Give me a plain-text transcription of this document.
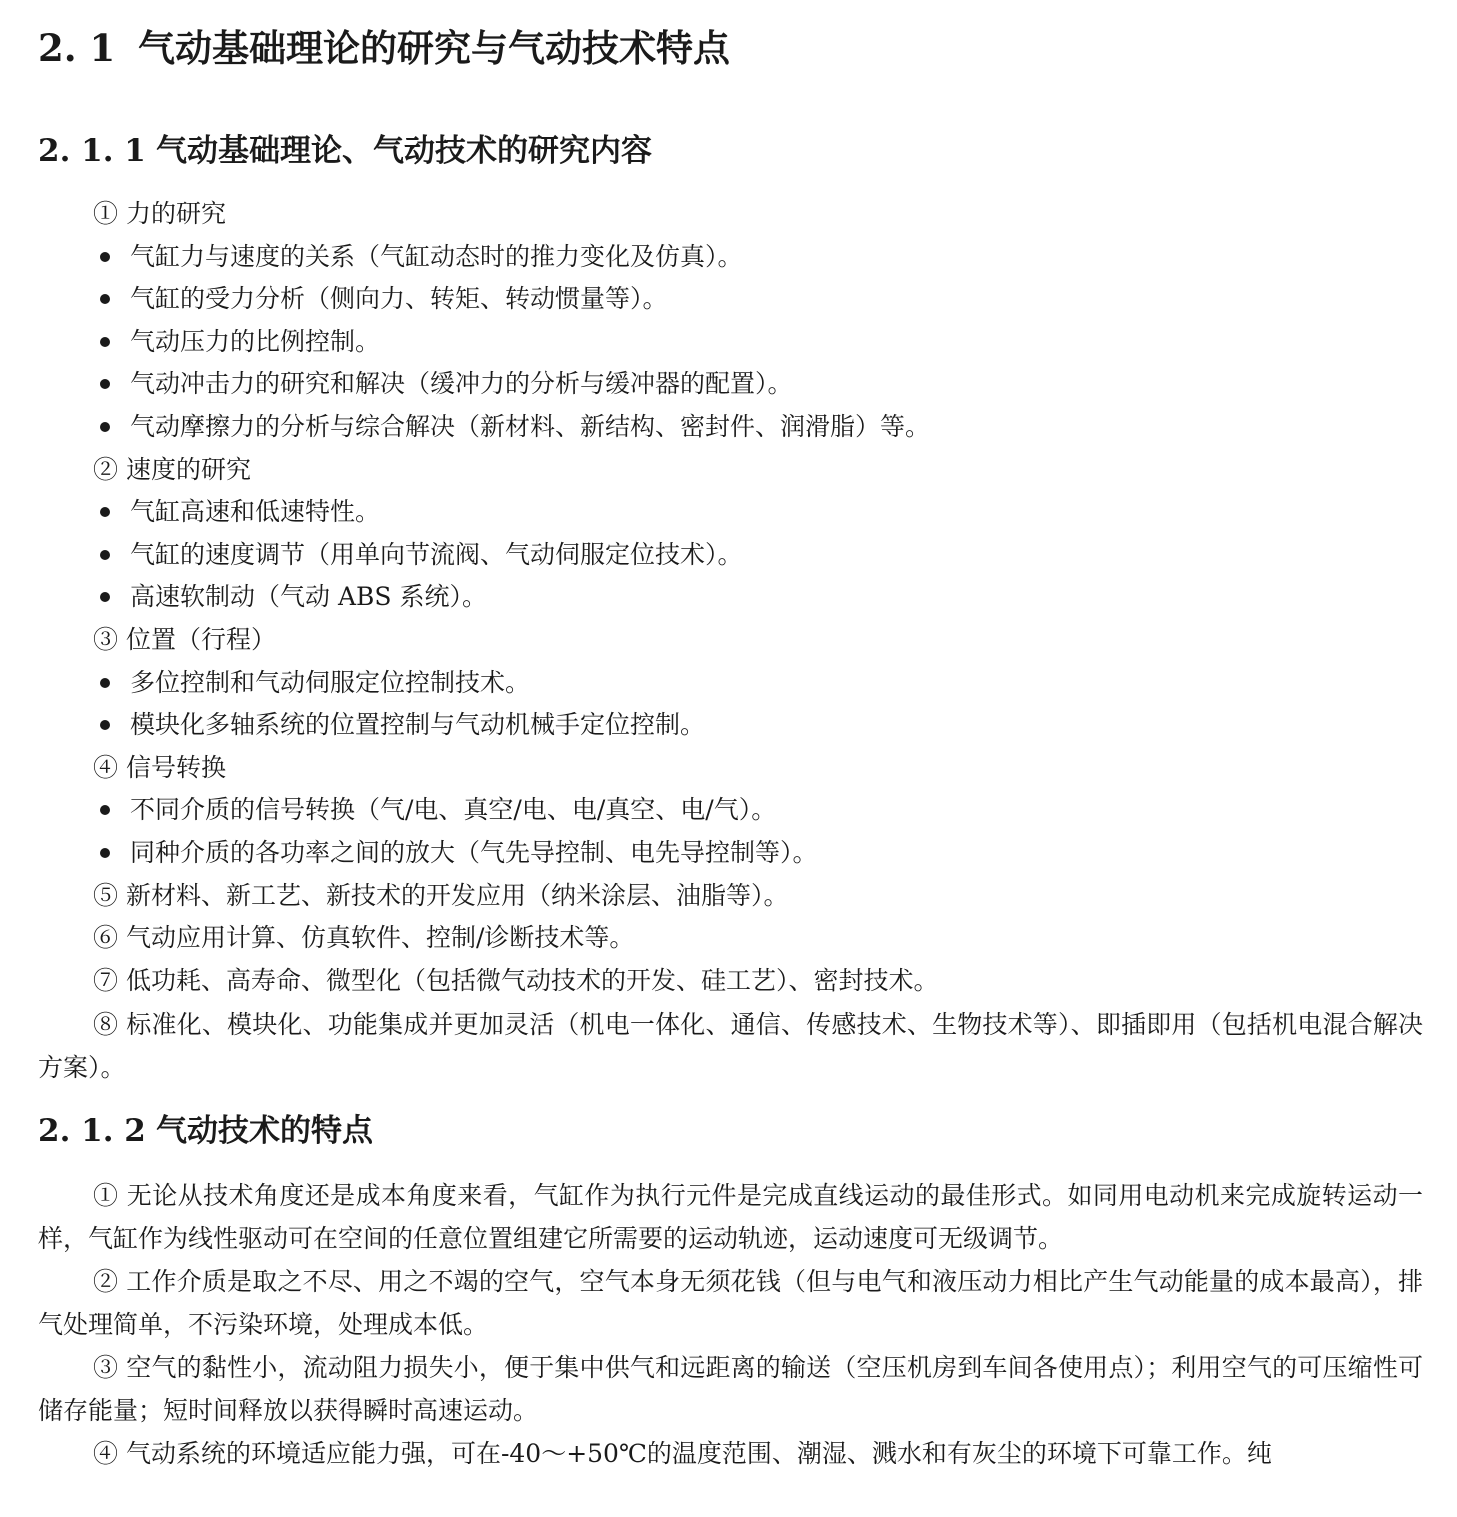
2. 1 气动基础理论的研究与气动技术特点
2. 1. 1 气动基础理论、气动技术的研究内容
① 力的研究
气缸力与速度的关系（气缸动态时的推力变化及仿真）。
气缸的受力分析（侧向力、转矩、转动惯量等）。
气动压力的比例控制。
气动冲击力的研究和解决（缓冲力的分析与缓冲器的配置）。
气动摩擦力的分析与综合解决（新材料、新结构、密封件、润滑脂）等。
② 速度的研究
气缸高速和低速特性。
气缸的速度调节（用单向节流阀、气动伺服定位技术）。
高速软制动（气动 ABS 系统）。
③ 位置（行程）
多位控制和气动伺服定位控制技术。
模块化多轴系统的位置控制与气动机械手定位控制。
④ 信号转换
不同介质的信号转换（气/电、真空/电、电/真空、电/气）。
同种介质的各功率之间的放大（气先导控制、电先导控制等）。
⑤ 新材料、新工艺、新技术的开发应用（纳米涂层、油脂等）。
⑥ 气动应用计算、仿真软件、控制/诊断技术等。
⑦ 低功耗、高寿命、微型化（包括微气动技术的开发、硅工艺）、密封技术。
⑧ 标准化、模块化、功能集成并更加灵活（机电一体化、通信、传感技术、生物技术等）、即插即用（包括机电混合解决方案）。
2. 1. 2 气动技术的特点
① 无论从技术角度还是成本角度来看，气缸作为执行元件是完成直线运动的最佳形式。如同用电动机来完成旋转运动一样，气缸作为线性驱动可在空间的任意位置组建它所需要的运动轨迹，运动速度可无级调节。
② 工作介质是取之不尽、用之不竭的空气，空气本身无须花钱（但与电气和液压动力相比产生气动能量的成本最高），排气处理简单，不污染环境，处理成本低。
③ 空气的黏性小，流动阻力损失小，便于集中供气和远距离的输送（空压机房到车间各使用点）；利用空气的可压缩性可储存能量；短时间释放以获得瞬时高速运动。
④ 气动系统的环境适应能力强，可在-40～+50℃的温度范围、潮湿、溅水和有灰尘的环境下可靠工作。纯
